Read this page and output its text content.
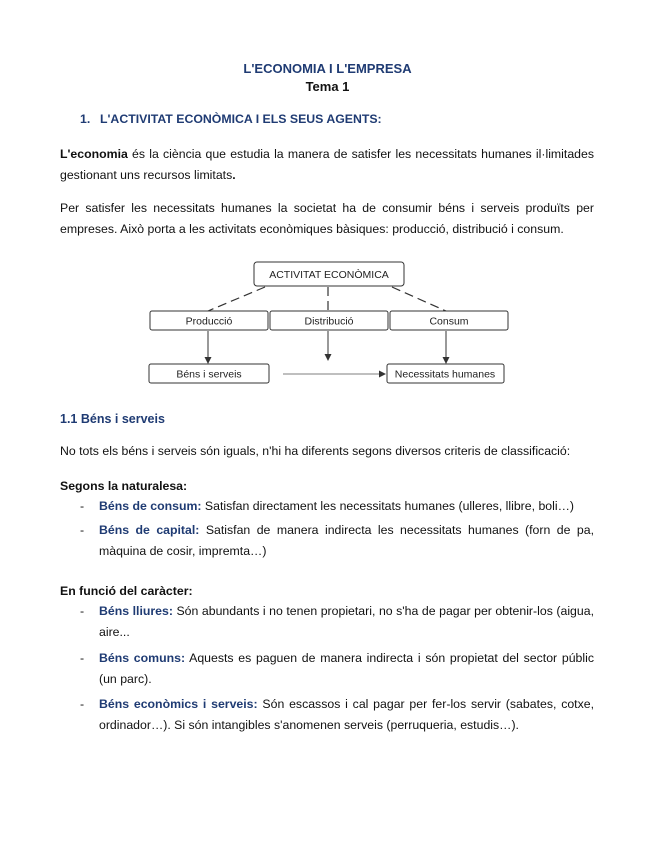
L'ECONOMIA I L'EMPRESA
Tema 1
1. L'ACTIVITAT ECONÒMICA I ELS SEUS AGENTS:
L'economia és la ciència que estudia la manera de satisfer les necessitats humanes il·limitades gestionant uns recursos limitats.
Per satisfer les necessitats humanes la societat ha de consumir béns i serveis produïts per empreses. Això porta a les activitats econòmiques bàsiques: producció, distribució i consum.
ACTIVITAT ECONÒMICA
Producció	Distribució	Consum
Béns i serveis	Necessitats humanes
1.1 Béns i serveis
No tots els béns i serveis són iguals, n'hi ha diferents segons diversos criteris de classificació:
Segons la naturalesa:
- Béns de consum: Satisfan directament les necessitats humanes (ulleres, llibre, boli…)
- Béns de capital: Satisfan de manera indirecta les necessitats humanes (forn de pa, màquina de cosir, impremta…)
En funció del caràcter:
- Béns lliures: Són abundants i no tenen propietari, no s'ha de pagar per obtenir-los (aigua, aire...
- Béns comuns: Aquests es paguen de manera indirecta i són propietat del sector públic (un parc).
- Béns econòmics i serveis: Són escassos i cal pagar per fer-los servir (sabates, cotxe, ordinador…). Si són intangibles s'anomenen serveis (perruqueria, estudis…).
